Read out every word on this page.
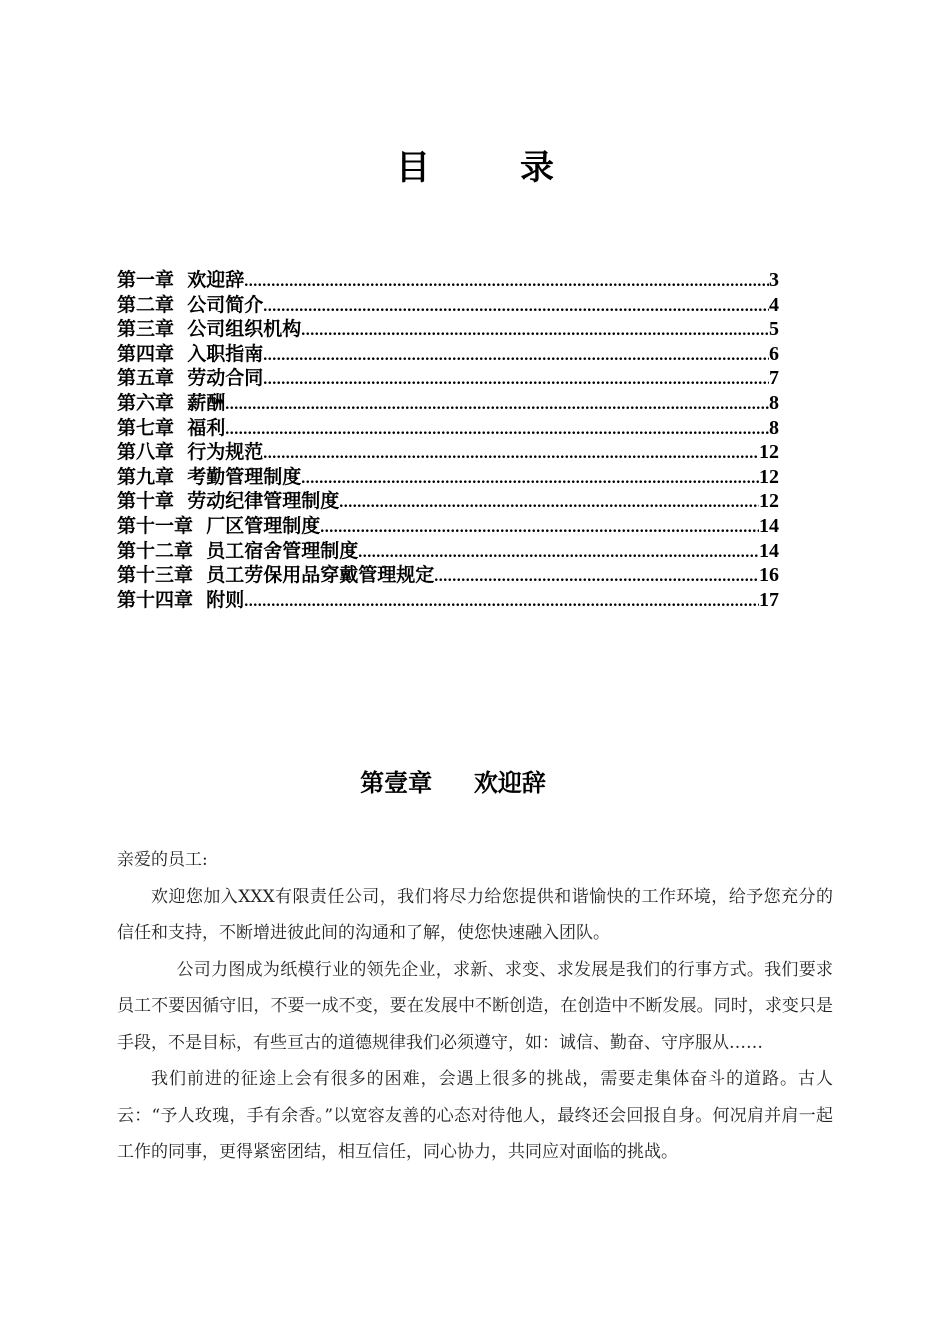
目　录
第一章  欢迎辞 .....	3
第二章  公司简介 .....	4
第三章  公司组织机构 .....	5
第四章  入职指南 .....	6
第五章  劳动合同 .....	7
第六章  薪酬 .....	8
第七章  福利 .....	8
第八章  行为规范 .....	12
第九章  考勤管理制度 .....	12
第十章  劳动纪律管理制度 .....	12
第十一章  厂区管理制度 .....	14
第十二章  员工宿舍管理制度 .....	14
第十三章  员工劳保用品穿戴管理规定 .....	16
第十四章  附则 .....	17
第壹章     欢迎辞

亲爱的员工:

欢迎您加入XXX有限责任公司，我们将尽力给您提供和谐愉快的工作环境，给予您充分的信任和支持，不断增进彼此间的沟通和了解，使您快速融入团队。

公司力图成为纸模行业的领先企业，求新、求变、求发展是我们的行事方式。我们要求员工不要因循守旧，不要一成不变，要在发展中不断创造，在创造中不断发展。同时，求变只是手段，不是目标，有些亘古的道德规律我们必须遵守，如：诚信、勤奋、守序服从……

我们前进的征途上会有很多的困难，会遇上很多的挑战，需要走集体奋斗的道路。古人云：“予人玫瑰，手有余香。”以宽容友善的心态对待他人，最终还会回报自身。何况肩并肩一起工作的同事，更得紧密团结，相互信任，同心协力，共同应对面临的挑战。
